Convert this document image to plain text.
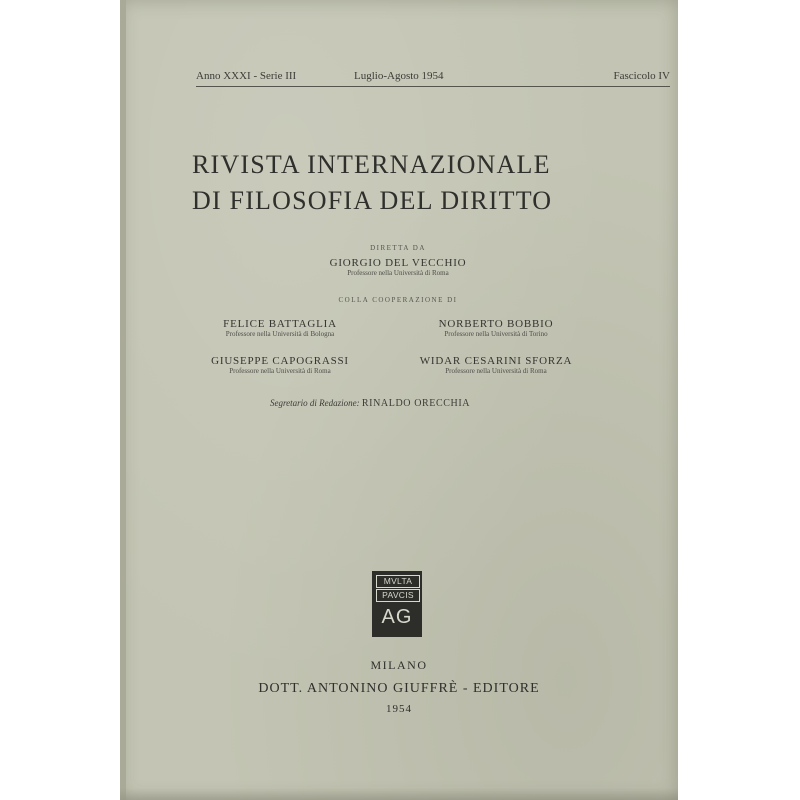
Anno XXXI - Serie III	Luglio-Agosto 1954	Fascicolo IV
RIVISTA INTERNAZIONALE
DI FILOSOFIA DEL DIRITTO
DIRETTA DA
GIORGIO DEL VECCHIO
Professore nella Università di Roma
COLLA COOPERAZIONE DI
FELICE BATTAGLIA
Professore nella Università di Bologna
NORBERTO BOBBIO
Professore nella Università di Torino
GIUSEPPE CAPOGRASSI
Professore nella Università di Roma
WIDAR CESARINI SFORZA
Professore nella Università di Roma
Segretario di Redazione: RINALDO ORECCHIA
MVLTA
PAVCIS
AG
MILANO
DOTT. ANTONINO GIUFFRÈ - EDITORE
1954
